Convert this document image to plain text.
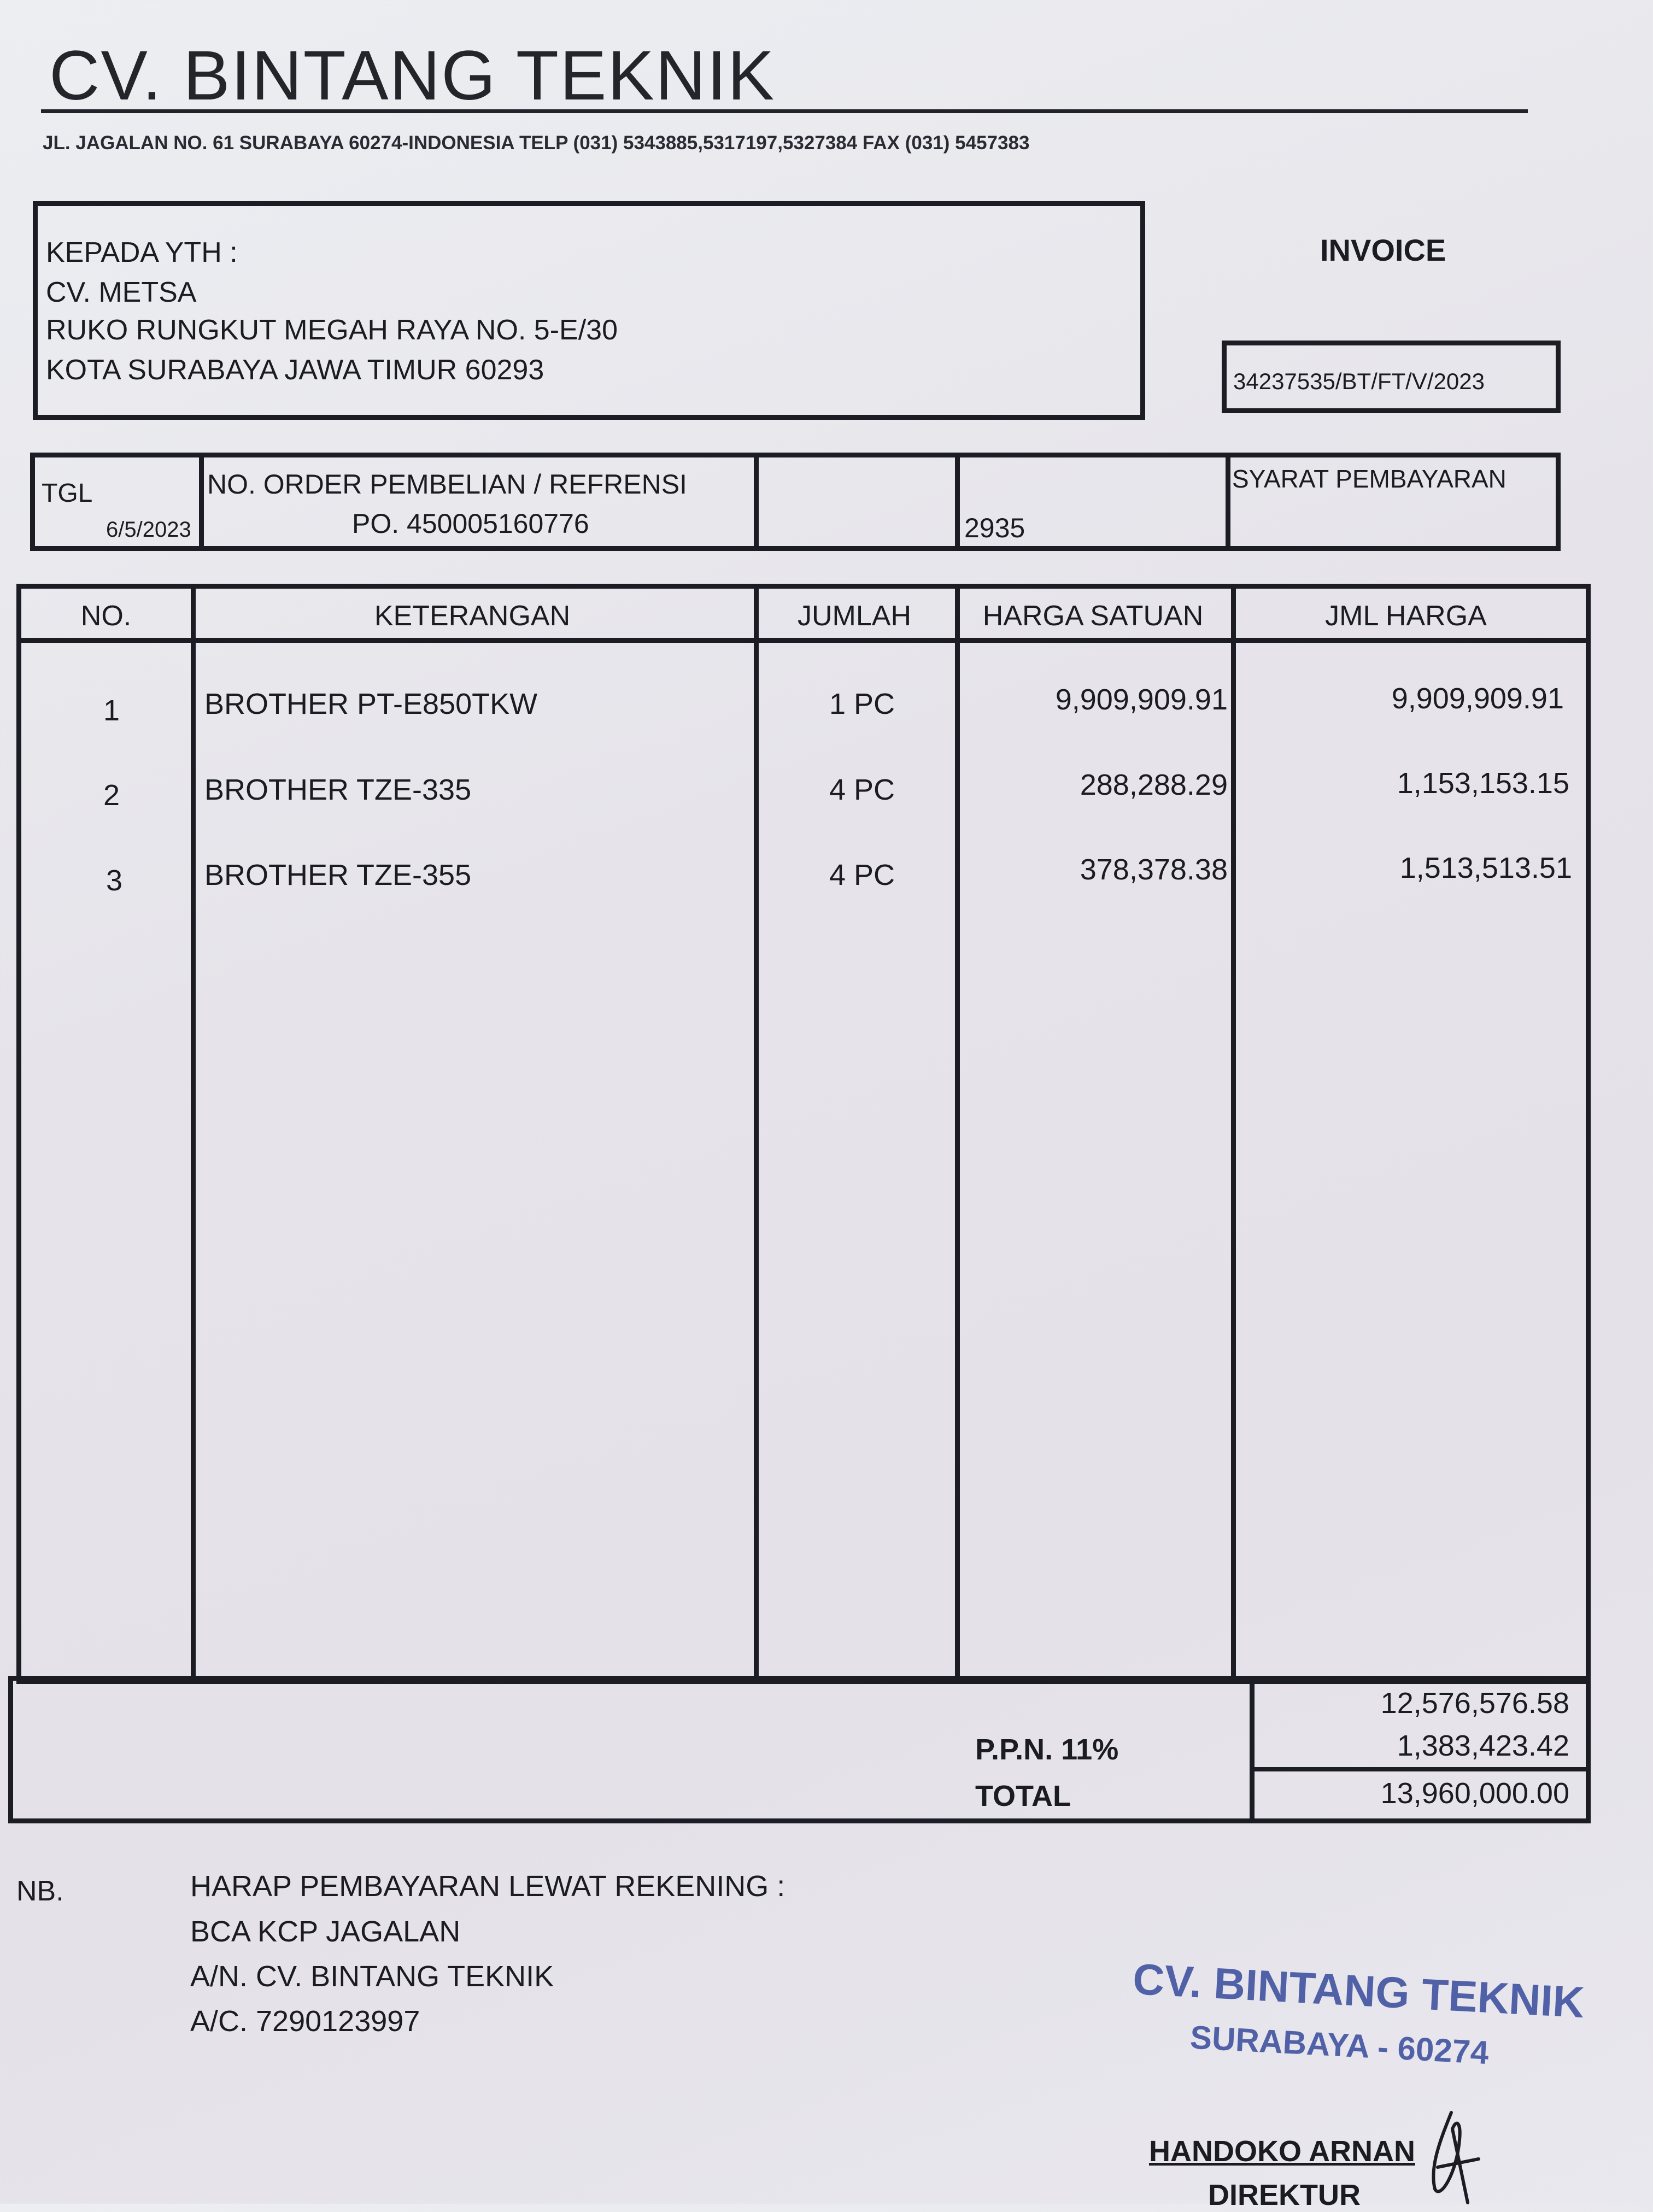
CV. BINTANG TEKNIK
JL. JAGALAN NO. 61 SURABAYA 60274-INDONESIA TELP (031) 5343885,5317197,5327384 FAX (031) 5457383
KEPADA YTH :
CV. METSA
RUKO RUNGKUT MEGAH RAYA NO. 5-E/30
KOTA SURABAYA JAWA TIMUR 60293
INVOICE
34237535/BT/FT/V/2023
TGL
6/5/2023
NO. ORDER PEMBELIAN / REFRENSI
PO. 450005160776	2935
SYARAT PEMBAYARAN
NO.	KETERANGAN	JUMLAH	HARGA SATUAN	JML HARGA
1	BROTHER PT-E850TKW	1 PC	9,909,909.91	9,909,909.91
2	BROTHER TZE-335	4 PC	288,288.29	1,153,153.15
3	BROTHER TZE-355	4 PC	378,378.38	1,513,513.51
12,576,576.58
P.P.N. 11%	1,383,423.42
TOTAL	13,960,000.00
NB.	HARAP PEMBAYARAN LEWAT REKENING :
BCA KCP JAGALAN
A/N. CV. BINTANG TEKNIK
A/C. 7290123997	CV. BINTANG TEKNIK
SURABAYA - 60274
HANDOKO ARNAN
DIREKTUR
